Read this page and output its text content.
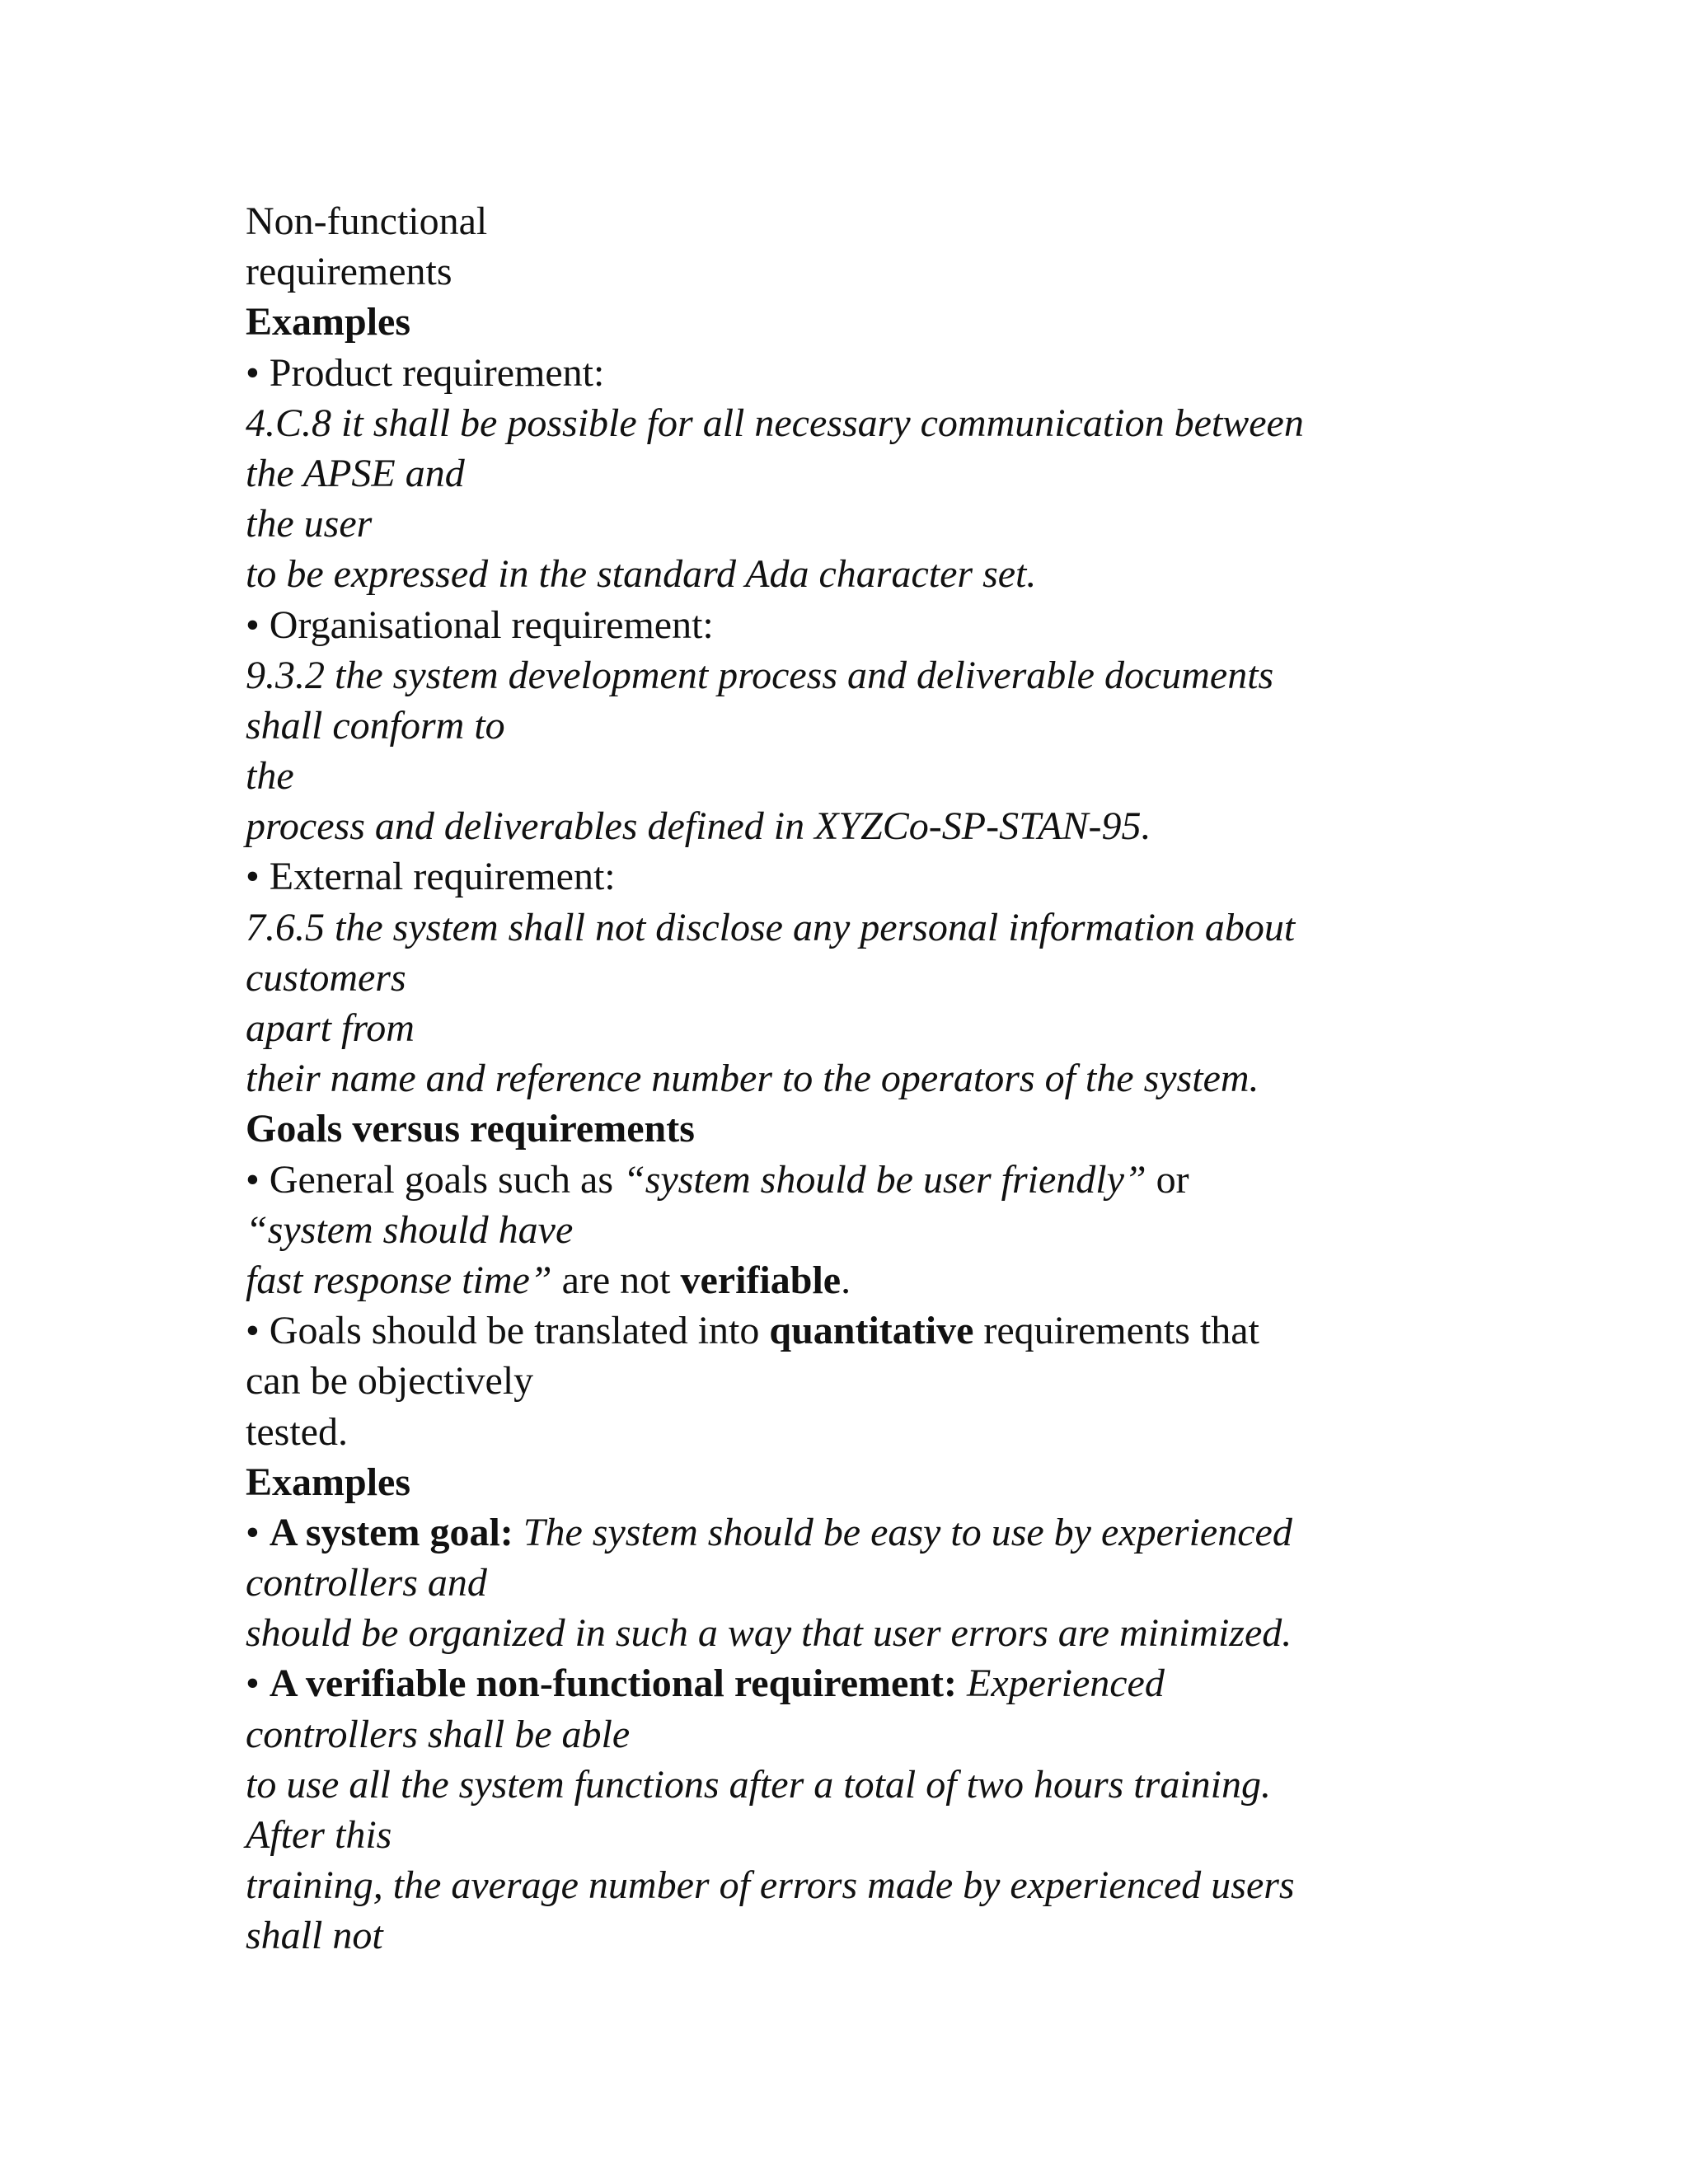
Non-functional
requirements
Examples
• Product requirement:
4.C.8 it shall be possible for all necessary communication between
the APSE and
the user
to be expressed in the standard Ada character set.
• Organisational requirement:
9.3.2 the system development process and deliverable documents
shall conform to
the
process and deliverables defined in XYZCo-SP-STAN-95.
• External requirement:
7.6.5 the system shall not disclose any personal information about
customers
apart from
their name and reference number to the operators of the system.
Goals versus requirements
• General goals such as “system should be user friendly” or
“system should have
fast response time” are not verifiable.
• Goals should be translated into quantitative requirements that
can be objectively
tested.
Examples
• A system goal: The system should be easy to use by experienced
controllers and
should be organized in such a way that user errors are minimized.
• A verifiable non-functional requirement: Experienced
controllers shall be able
to use all the system functions after a total of two hours training.
After this
training, the average number of errors made by experienced users
shall not
